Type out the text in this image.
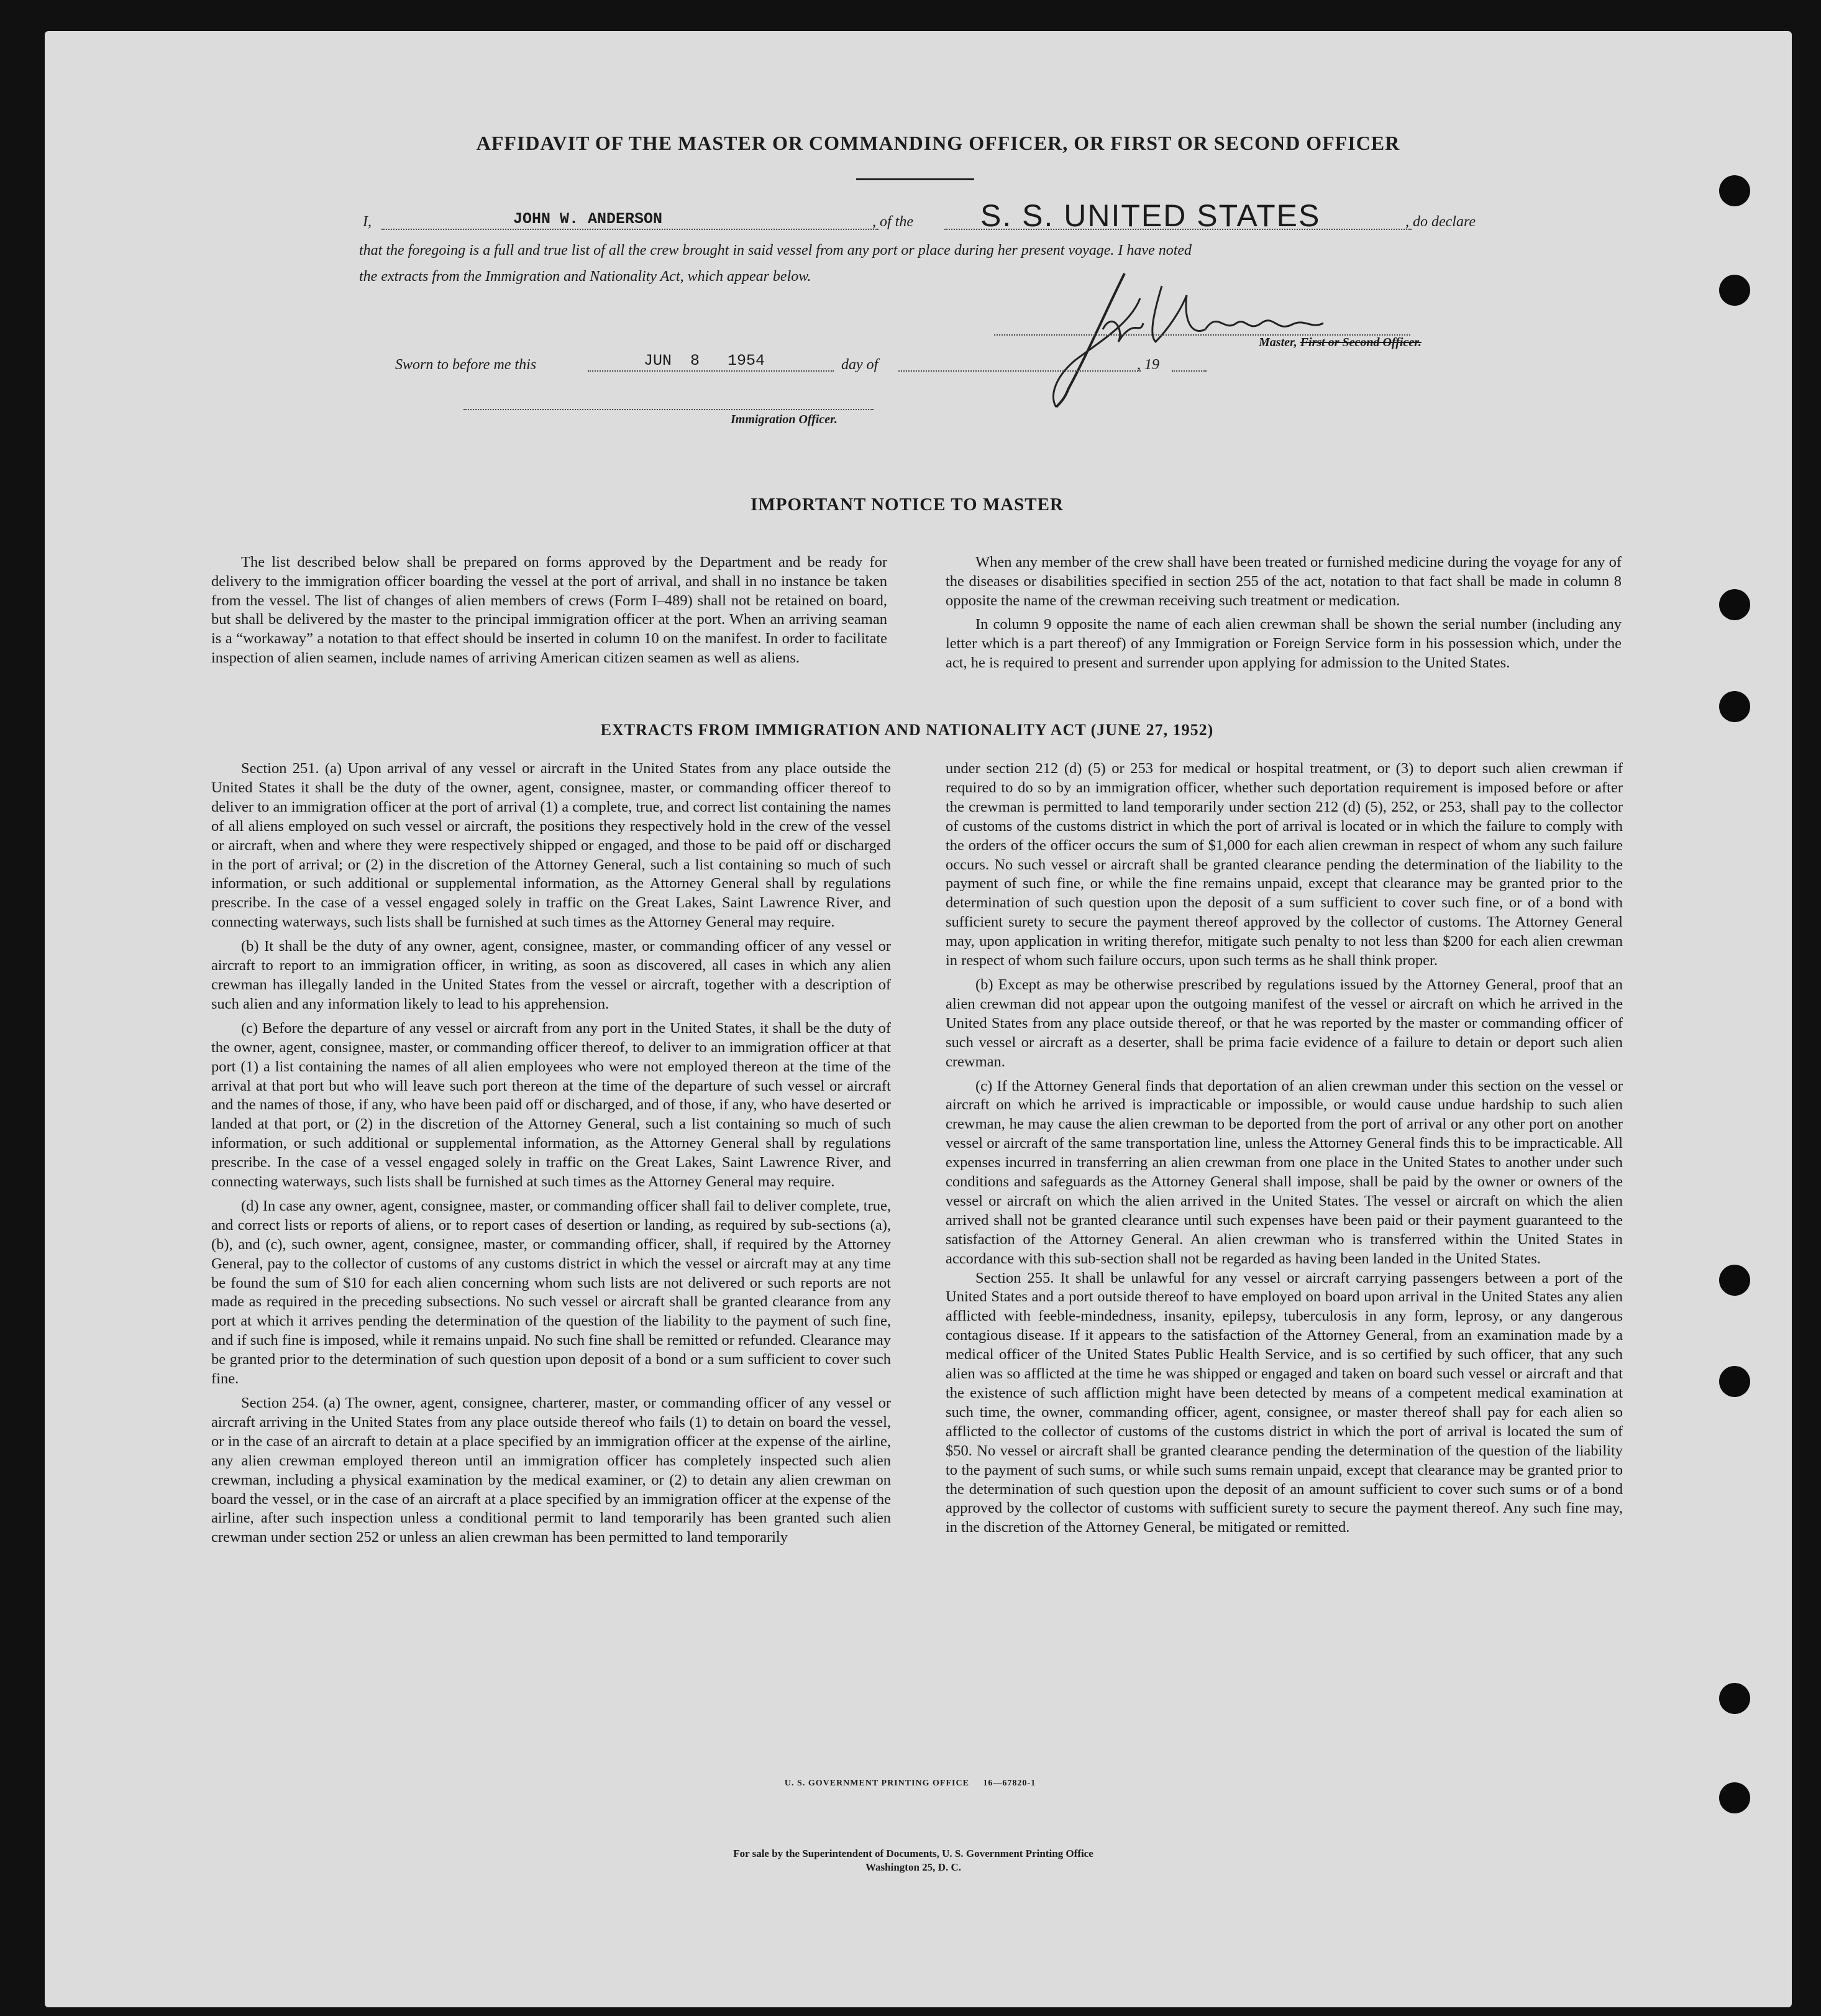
AFFIDAVIT OF THE MASTER OR COMMANDING OFFICER, OR FIRST OR SECOND OFFICER
I,	JOHN W. ANDERSON	, of the S. S. UNITED STATES	, do declare
that the foregoing is a full and true list of all the crew brought in said vessel from any port or place during her present voyage. I have noted
the extracts from the Immigration and Nationality Act, which appear below.
Master, First or Second Officer.
Sworn to before me this	JUN  8   1954	day of	, 19
Immigration Officer.
IMPORTANT NOTICE TO MASTER

The list described below shall be prepared on forms approved by the Department and be ready for delivery to the immigration officer boarding the vessel at the port of arrival, and shall in no instance be taken from the vessel. The list of changes of alien members of crews (Form I–489) shall not be retained on board, but shall be delivered by the master to the principal immigration officer at the port. When an arriving seaman is a “workaway” a notation to that effect should be inserted in column 10 on the manifest. In order to facilitate inspection of alien seamen, include names of arriving American citizen seamen as well as aliens.

When any member of the crew shall have been treated or furnished medicine during the voyage for any of the diseases or disabilities specified in section 255 of the act, notation to that fact shall be made in column 8 opposite the name of the crewman receiving such treatment or medication.

In column 9 opposite the name of each alien crewman shall be shown the serial number (including any letter which is a part thereof) of any Immigration or Foreign Service form in his possession which, under the act, he is required to present and surrender upon applying for admission to the United States.

EXTRACTS FROM IMMIGRATION AND NATIONALITY ACT (JUNE 27, 1952)

Section 251. (a) Upon arrival of any vessel or aircraft in the United States from any place outside the United States it shall be the duty of the owner, agent, consignee, master, or commanding officer thereof to deliver to an immigration officer at the port of arrival (1) a complete, true, and correct list containing the names of all aliens employed on such vessel or aircraft, the positions they respectively hold in the crew of the vessel or aircraft, when and where they were respectively shipped or engaged, and those to be paid off or discharged in the port of arrival; or (2) in the discretion of the Attorney General, such a list containing so much of such information, or such additional or supplemental information, as the Attorney General shall by regulations prescribe. In the case of a vessel engaged solely in traffic on the Great Lakes, Saint Lawrence River, and connecting waterways, such lists shall be furnished at such times as the Attorney General may require.

(b) It shall be the duty of any owner, agent, consignee, master, or commanding officer of any vessel or aircraft to report to an immigration officer, in writing, as soon as discovered, all cases in which any alien crewman has illegally landed in the United States from the vessel or aircraft, together with a description of such alien and any information likely to lead to his apprehension.

(c) Before the departure of any vessel or aircraft from any port in the United States, it shall be the duty of the owner, agent, consignee, master, or commanding officer thereof, to deliver to an immigration officer at that port (1) a list containing the names of all alien employees who were not employed thereon at the time of the arrival at that port but who will leave such port thereon at the time of the departure of such vessel or aircraft and the names of those, if any, who have been paid off or discharged, and of those, if any, who have deserted or landed at that port, or (2) in the discretion of the Attorney General, such a list containing so much of such information, or such additional or supplemental information, as the Attorney General shall by regulations prescribe. In the case of a vessel engaged solely in traffic on the Great Lakes, Saint Lawrence River, and connecting waterways, such lists shall be furnished at such times as the Attorney General may require.

(d) In case any owner, agent, consignee, master, or commanding officer shall fail to deliver complete, true, and correct lists or reports of aliens, or to report cases of desertion or landing, as required by sub-sections (a), (b), and (c), such owner, agent, consignee, master, or commanding officer, shall, if required by the Attorney General, pay to the collector of customs of any customs district in which the vessel or aircraft may at any time be found the sum of $10 for each alien concerning whom such lists are not delivered or such reports are not made as required in the preceding subsections. No such vessel or aircraft shall be granted clearance from any port at which it arrives pending the determination of the question of the liability to the payment of such fine, and if such fine is imposed, while it remains unpaid. No such fine shall be remitted or refunded. Clearance may be granted prior to the determination of such question upon deposit of a bond or a sum sufficient to cover such fine.

Section 254. (a) The owner, agent, consignee, charterer, master, or commanding officer of any vessel or aircraft arriving in the United States from any place outside thereof who fails (1) to detain on board the vessel, or in the case of an aircraft to detain at a place specified by an immigration officer at the expense of the airline, any alien crewman employed thereon until an immigration officer has completely inspected such alien crewman, including a physical examination by the medical examiner, or (2) to detain any alien crewman on board the vessel, or in the case of an aircraft at a place specified by an immigration officer at the expense of the airline, after such inspection unless a conditional permit to land temporarily has been granted such alien crewman under section 252 or unless an alien crewman has been permitted to land temporarily

under section 212 (d) (5) or 253 for medical or hospital treatment, or (3) to deport such alien crewman if required to do so by an immigration officer, whether such deportation requirement is imposed before or after the crewman is permitted to land temporarily under section 212 (d) (5), 252, or 253, shall pay to the collector of customs of the customs district in which the port of arrival is located or in which the failure to comply with the orders of the officer occurs the sum of $1,000 for each alien crewman in respect of whom any such failure occurs. No such vessel or aircraft shall be granted clearance pending the determination of the liability to the payment of such fine, or while the fine remains unpaid, except that clearance may be granted prior to the determination of such question upon the deposit of a sum sufficient to cover such fine, or of a bond with sufficient surety to secure the payment thereof approved by the collector of customs. The Attorney General may, upon application in writing therefor, mitigate such penalty to not less than $200 for each alien crewman in respect of whom such failure occurs, upon such terms as he shall think proper.

(b) Except as may be otherwise prescribed by regulations issued by the Attorney General, proof that an alien crewman did not appear upon the outgoing manifest of the vessel or aircraft on which he arrived in the United States from any place outside thereof, or that he was reported by the master or commanding officer of such vessel or aircraft as a deserter, shall be prima facie evidence of a failure to detain or deport such alien crewman.

(c) If the Attorney General finds that deportation of an alien crewman under this section on the vessel or aircraft on which he arrived is impracticable or impossible, or would cause undue hardship to such alien crewman, he may cause the alien crewman to be deported from the port of arrival or any other port on another vessel or aircraft of the same transportation line, unless the Attorney General finds this to be impracticable. All expenses incurred in transferring an alien crewman from one place in the United States to another under such conditions and safeguards as the Attorney General shall impose, shall be paid by the owner or owners of the vessel or aircraft on which the alien arrived in the United States. The vessel or aircraft on which the alien arrived shall not be granted clearance until such expenses have been paid or their payment guaranteed to the satisfaction of the Attorney General. An alien crewman who is transferred within the United States in accordance with this sub-section shall not be regarded as having been landed in the United States.

Section 255. It shall be unlawful for any vessel or aircraft carrying passengers between a port of the United States and a port outside thereof to have employed on board upon arrival in the United States any alien afflicted with feeble-mindedness, insanity, epilepsy, tuberculosis in any form, leprosy, or any dangerous contagious disease. If it appears to the satisfaction of the Attorney General, from an examination made by a medical officer of the United States Public Health Service, and is so certified by such officer, that any such alien was so afflicted at the time he was shipped or engaged and taken on board such vessel or aircraft and that the existence of such affliction might have been detected by means of a competent medical examination at such time, the owner, commanding officer, agent, consignee, or master thereof shall pay for each alien so afflicted to the collector of customs of the customs district in which the port of arrival is located the sum of $50. No vessel or aircraft shall be granted clearance pending the determination of the question of the liability to the payment of such sums, or while such sums remain unpaid, except that clearance may be granted prior to the determination of such question upon the deposit of an amount sufficient to cover such sums or of a bond approved by the collector of customs with sufficient surety to secure the payment thereof. Any such fine may, in the discretion of the Attorney General, be mitigated or remitted.

U. S. GOVERNMENT PRINTING OFFICE     16—67820-1
For sale by the Superintendent of Documents, U. S. Government Printing Office
Washington 25, D. C.
